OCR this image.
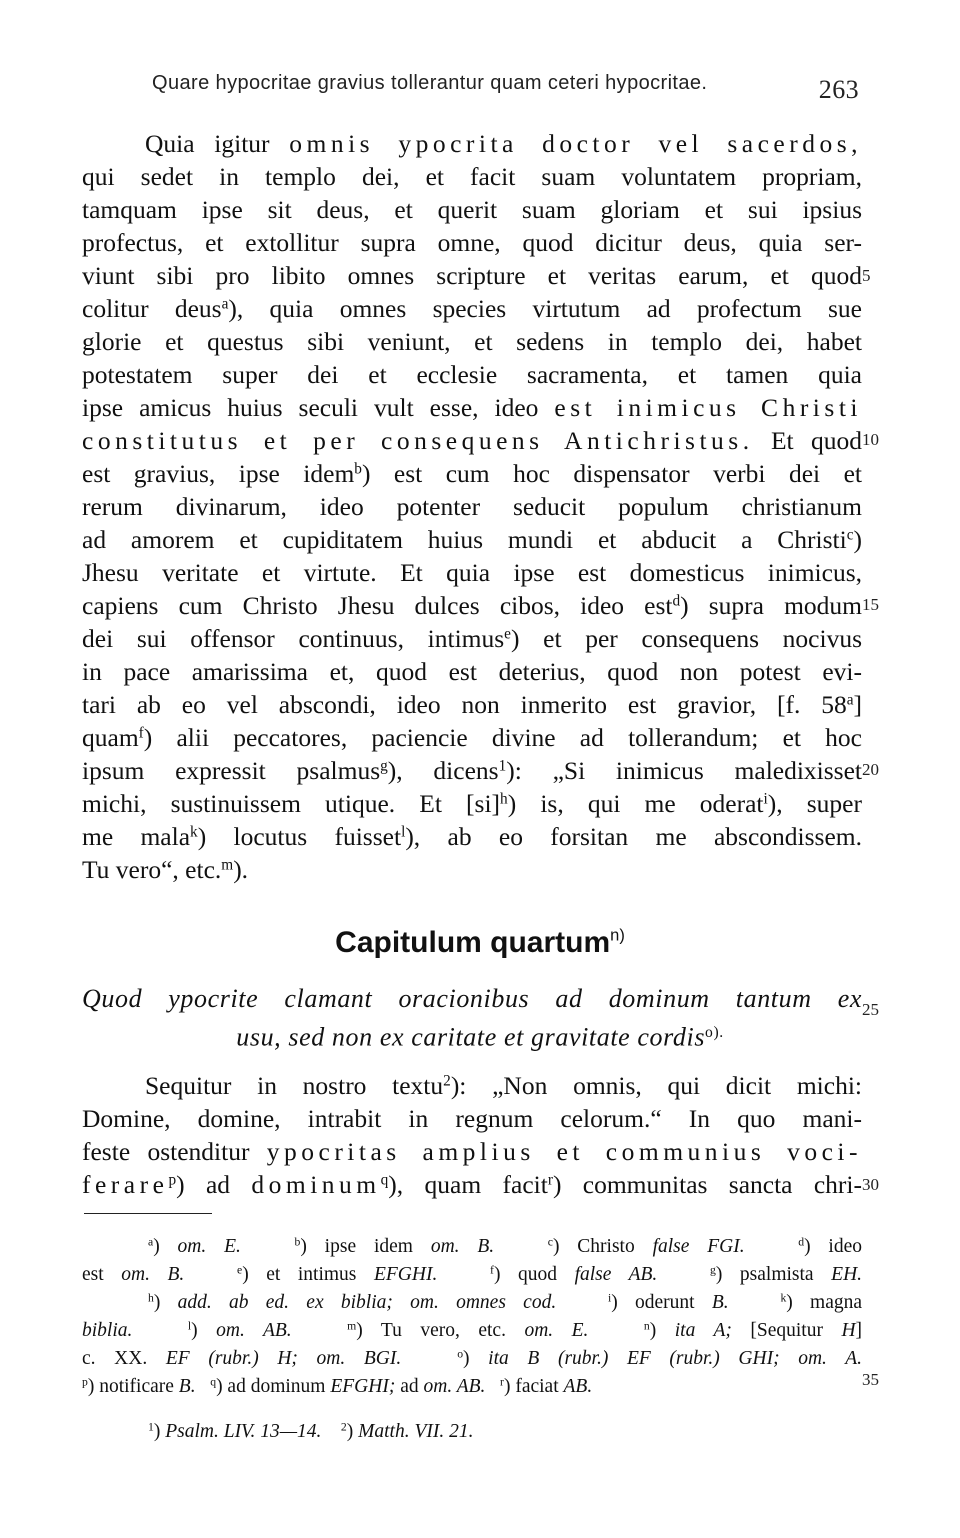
Quare hypocritae gravius tollerantur quam ceteri hypocritae.	263
Quia igitur omnis ypocrita doctor vel sacerdos,
qui sedet in templo dei, et facit suam voluntatem propriam,
tamquam ipse sit deus, et querit suam gloriam et sui ipsius
profectus, et extollitur supra omne, quod dicitur deus, quia ser-
viunt sibi pro libito omnes scripture et veritas earum, et quod
colitur deus$^a$), quia omnes species virtutum ad profectum sue
glorie et questus sibi veniunt, et sedens in templo dei, habet
potestatem super dei et ecclesie sacramenta, et tamen quia
ipse amicus huius seculi vult esse, ideo est inimicus Christi
constitutus et per consequens Antichristus. Et quod
est gravius, ipse idem$^b$) est cum hoc dispensator verbi dei et
rerum divinarum, ideo potenter seducit populum christianum
ad amorem et cupiditatem huius mundi et abducit a Christi$^c$)
Jhesu veritate et virtute. Et quia ipse est domesticus inimicus,
capiens cum Christo Jhesu dulces cibos, ideo est$^d$) supra modum
dei sui offensor continuus, intimus$^e$) et per consequens nocivus
in pace amarissima et, quod est deterius, quod non potest evi-
tari ab eo vel abscondi, ideo non inmerito est gravior, [f. 58$^a$]
quam$^f$) alii peccatores, paciencie divine ad tollerandum; et hoc
ipsum expressit psalmus$^g$), dicens$^1$): „Si inimicus maledixisset
michi, sustinuissem utique. Et [si]$^h$) is, qui me oderat$^i$), super
me mala$^k$) locutus fuisset$^l$), ab eo forsitan me abscondissem.
Tu vero“, etc.$^m$).
5
10
15
20
25
30
35
Capitulum quartum$^{n)}$
Quod ypocrite clamant oracionibus ad dominum tantum ex
usu, sed non ex caritate et gravitate cordis$^{o).}$
Sequitur in nostro textu$^2$): „Non omnis, qui dicit michi:
Domine, domine, intrabit in regnum celorum.“ In quo mani-
feste ostenditur ypocritas amplius et communius voci-
ferare$^p$) ad dominum$^q$), quam facit$^r$) communitas sancta chri-
$^a$) om. E.	$^b$) ipse idem om. B.	$^c$) Christo false FGI.	$^d$) ideo
est om. B.	$^e$) et intimus EFGHI.	$^f$) quod false AB.	$^g$) psalmista EH.
$^h$) add. ab ed. ex biblia; om. omnes cod.	$^i$) oderunt B.	$^k$) magna
biblia.	$^l$) om. AB.	$^m$) Tu vero, etc. om. E.	$^n$) ita A; [Sequitur H]
c. XX. EF (rubr.) H; om. BGI.	$^o$) ita B (rubr.) EF (rubr.) GHI; om. A.
$^p$) notificare B. $^q$) ad dominum EFGHI; ad om. AB. $^r$) faciat AB.
$^1$) Psalm. LIV. 13—14. $^2$) Matth. VII. 21.
